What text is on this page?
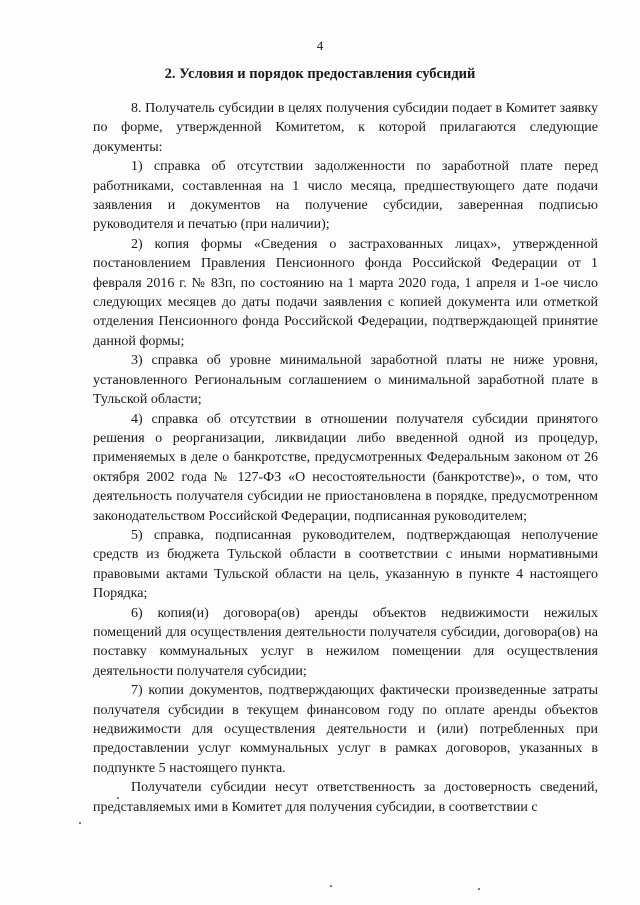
4
2. Условия и порядок предоставления субсидий

8. Получатель субсидии в целях получения субсидии подает в Комитет заявку по форме, утвержденной Комитетом, к которой прилагаются следующие документы:

1) справка об отсутствии задолженности по заработной плате перед работниками, составленная на 1 число месяца, предшествующего дате подачи заявления и документов на получение субсидии, заверенная подписью руководителя и печатью (при наличии);

2) копия формы «Сведения о застрахованных лицах», утвержденной постановлением Правления Пенсионного фонда Российской Федерации от 1 февраля 2016 г. № 83п, по состоянию на 1 марта 2020 года, 1 апреля и 1-ое число следующих месяцев до даты подачи заявления с копией документа или отметкой отделения Пенсионного фонда Российской Федерации, подтверждающей принятие данной формы;

3) справка об уровне минимальной заработной платы не ниже уровня, установленного Региональным соглашением о минимальной заработной плате в Тульской области;

4) справка об отсутствии в отношении получателя субсидии принятого решения о реорганизации, ликвидации либо введенной одной из процедур, применяемых в деле о банкротстве, предусмотренных Федеральным законом от 26 октября 2002 года № 127-ФЗ «О несостоятельности (банкротстве)», о том, что деятельность получателя субсидии не приостановлена в порядке, предусмотренном законодательством Российской Федерации, подписанная руководителем;

5) справка, подписанная руководителем, подтверждающая неполучение средств из бюджета Тульской области в соответствии с иными нормативными правовыми актами Тульской области на цель, указанную в пункте 4 настоящего Порядка;

6) копия(и) договора(ов) аренды объектов недвижимости нежилых помещений для осуществления деятельности получателя субсидии, договора(ов) на поставку коммунальных услуг в нежилом помещении для осуществления деятельности получателя субсидии;

7) копии документов, подтверждающих фактически произведенные затраты получателя субсидии в текущем финансовом году по оплате аренды объектов недвижимости для осуществления деятельности и (или) потребленных при предоставлении услуг коммунальных услуг в рамках договоров, указанных в подпункте 5 настоящего пункта.

Получатели субсидии несут ответственность за достоверность сведений, представляемых ими в Комитет для получения субсидии, в соответствии с
